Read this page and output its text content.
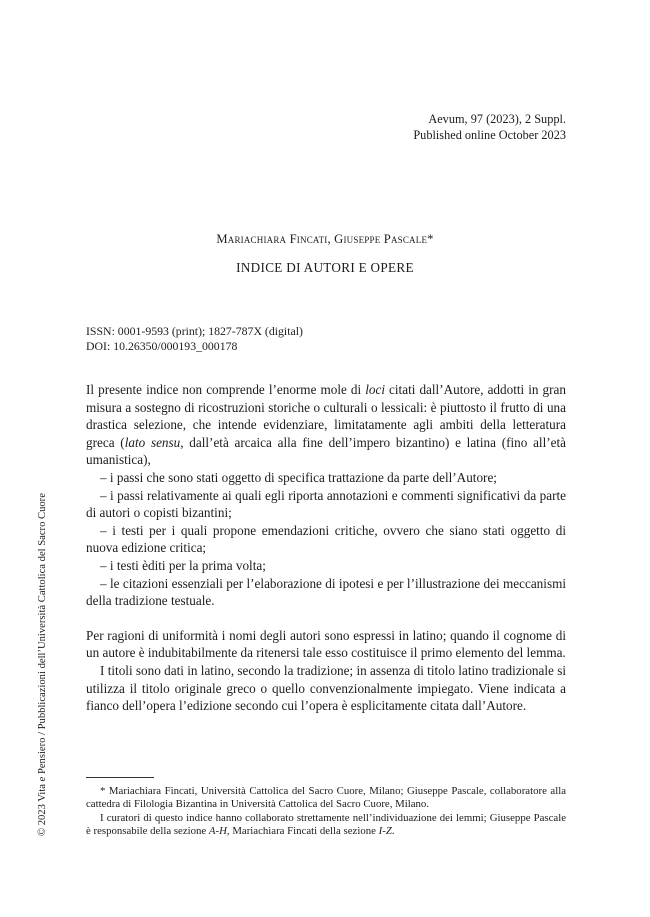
Aevum, 97 (2023), 2 Suppl.
Published online October 2023
Mariachiara Fincati, Giuseppe Pascale*
INDICE DI AUTORI E OPERE
ISSN: 0001-9593 (print); 1827-787X (digital)
DOI: 10.26350/000193_000178

Il presente indice non comprende l’enorme mole di loci citati dall’Autore, addotti in gran misura a sostegno di ricostruzioni storiche o culturali o lessicali: è piuttosto il frutto di una drastica selezione, che intende evidenziare, limitatamente agli ambiti della letteratura greca (lato sensu, dall’età arcaica alla fine dell’impero bizantino) e latina (fino all’età umanistica),

– i passi che sono stati oggetto di specifica trattazione da parte dell’Autore;

– i passi relativamente ai quali egli riporta annotazioni e commenti significativi da parte di autori o copisti bizantini;

– i testi per i quali propone emendazioni critiche, ovvero che siano stati oggetto di nuova edizione critica;

– i testi èditi per la prima volta;

– le citazioni essenziali per l’elaborazione di ipotesi e per l’illustrazione dei meccanismi della tradizione testuale.

Per ragioni di uniformità i nomi degli autori sono espressi in latino; quando il cognome di un autore è indubitabilmente da ritenersi tale esso costituisce il primo elemento del lemma.

I titoli sono dati in latino, secondo la tradizione; in assenza di titolo latino tradizionale si utilizza il titolo originale greco o quello convenzionalmente impiegato. Viene indicata a fianco dell’opera l’edizione secondo cui l’opera è esplicitamente citata dall’Autore.

* Mariachiara Fincati, Università Cattolica del Sacro Cuore, Milano; Giuseppe Pascale, collaboratore alla cattedra di Filologia Bizantina in Università Cattolica del Sacro Cuore, Milano.

I curatori di questo indice hanno collaborato strettamente nell’individuazione dei lemmi; Giuseppe Pascale è responsabile della sezione A-H, Mariachiara Fincati della sezione I-Z.

© 2023 Vita e Pensiero / Pubblicazioni dell’Università Cattolica del Sacro Cuore
